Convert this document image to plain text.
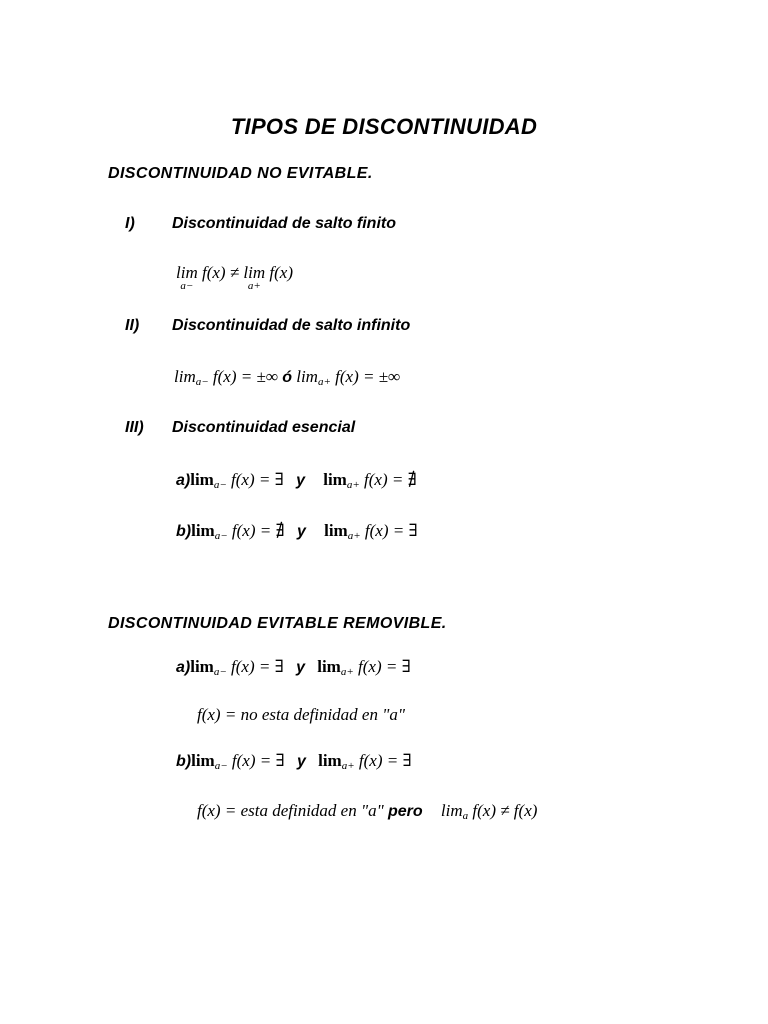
TIPOS DE DISCONTINUIDAD
DISCONTINUIDAD NO EVITABLE.
I) Discontinuidad de salto finito
lim
a−
f(x) ≠ lim
a+
f(x)
II) Discontinuidad de salto infinito
$\lim_{a-} f(x)$ = ±∞ ó $\lim_{a+} f(x)$ = ±∞
III) Discontinuidad esencial
$a)\lim_{a-}$ f(x) = ∃ y $\lim_{a+} f(x)$ = ∄
$b)\lim_{a-}$ f(x) = ∄ y $\lim_{a+} f(x)$ = ∃
DISCONTINUIDAD EVITABLE REMOVIBLE.
$a)\lim_{a-}$ f(x) = ∃ y $\lim_{a+} f(x)$ = ∃
f(x) = no esta definidad en "a"
$b)\lim_{a-}$ f(x) = ∃ y $\lim_{a+} f(x)$ = ∃
f(x) = esta definidad en "a" pero $\lim_a f(x) \ne f(x)$
